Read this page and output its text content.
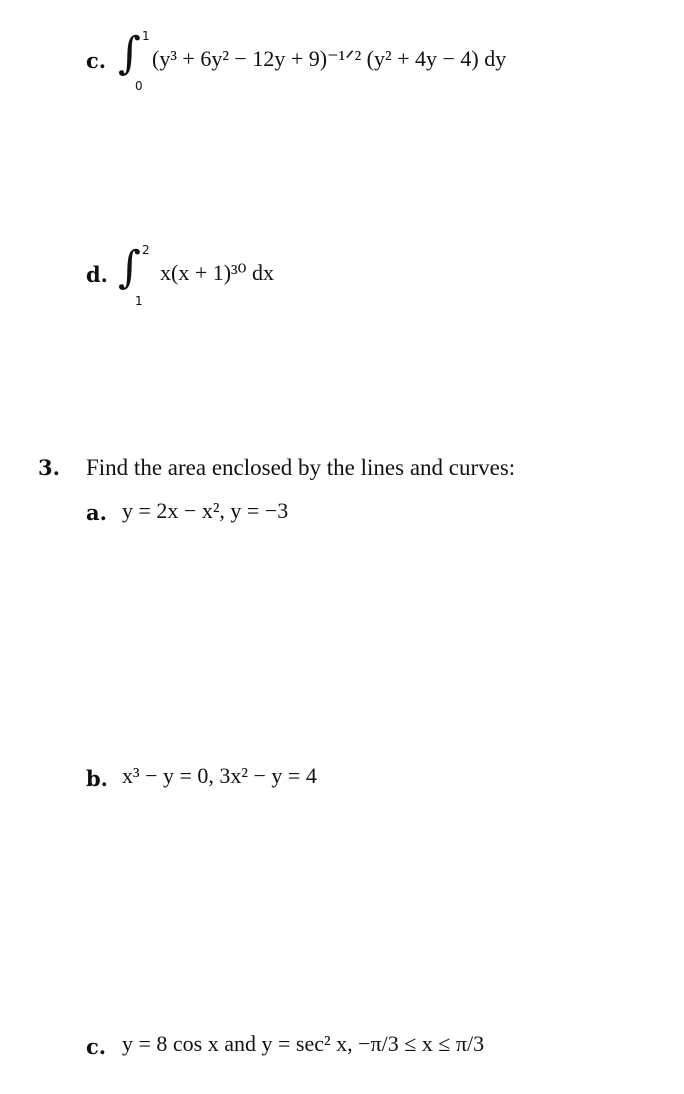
c. ∫ 1
0
(y³ + 6y² − 12y + 9)⁻¹ᐟ² (y² + 4y − 4) dy
d. ∫ 2
1
x(x + 1)³⁰ dx
3. Find the area enclosed by the lines and curves:
a. y = 2x − x², y = −3
b. x³ − y = 0, 3x² − y = 4
c. y = 8 cos x and y = sec² x, −π/3 ≤ x ≤ π/3
